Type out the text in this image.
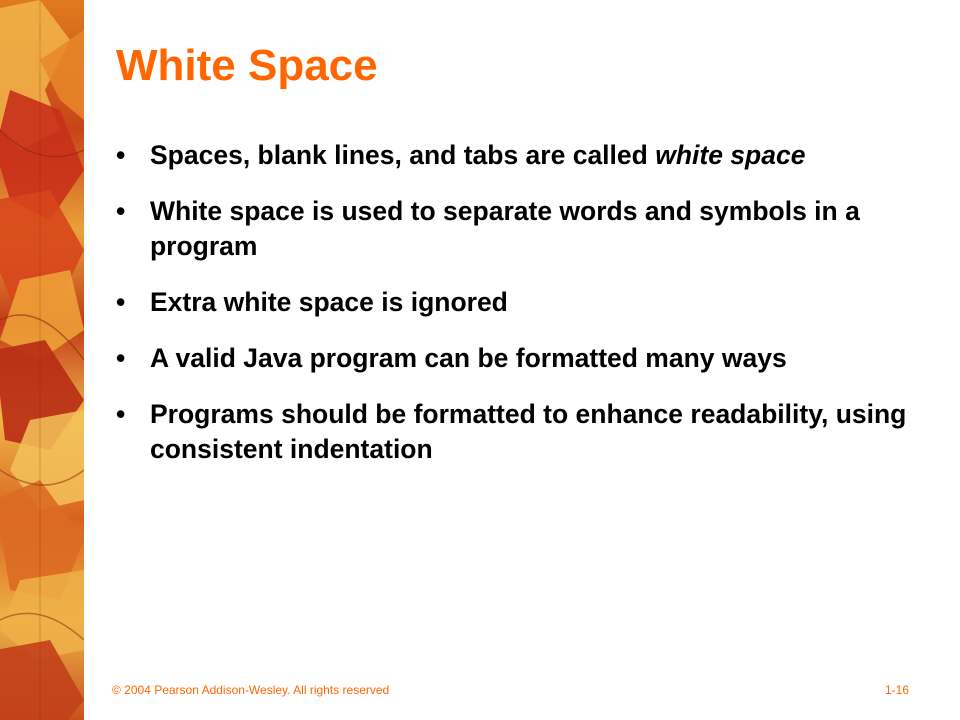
White Space
• Spaces, blank lines, and tabs are called white space
• White space is used to separate words and symbols in a program
• Extra white space is ignored
• A valid Java program can be formatted many ways
• Programs should be formatted to enhance readability, using consistent indentation
© 2004 Pearson Addison-Wesley. All rights reserved	1-16
